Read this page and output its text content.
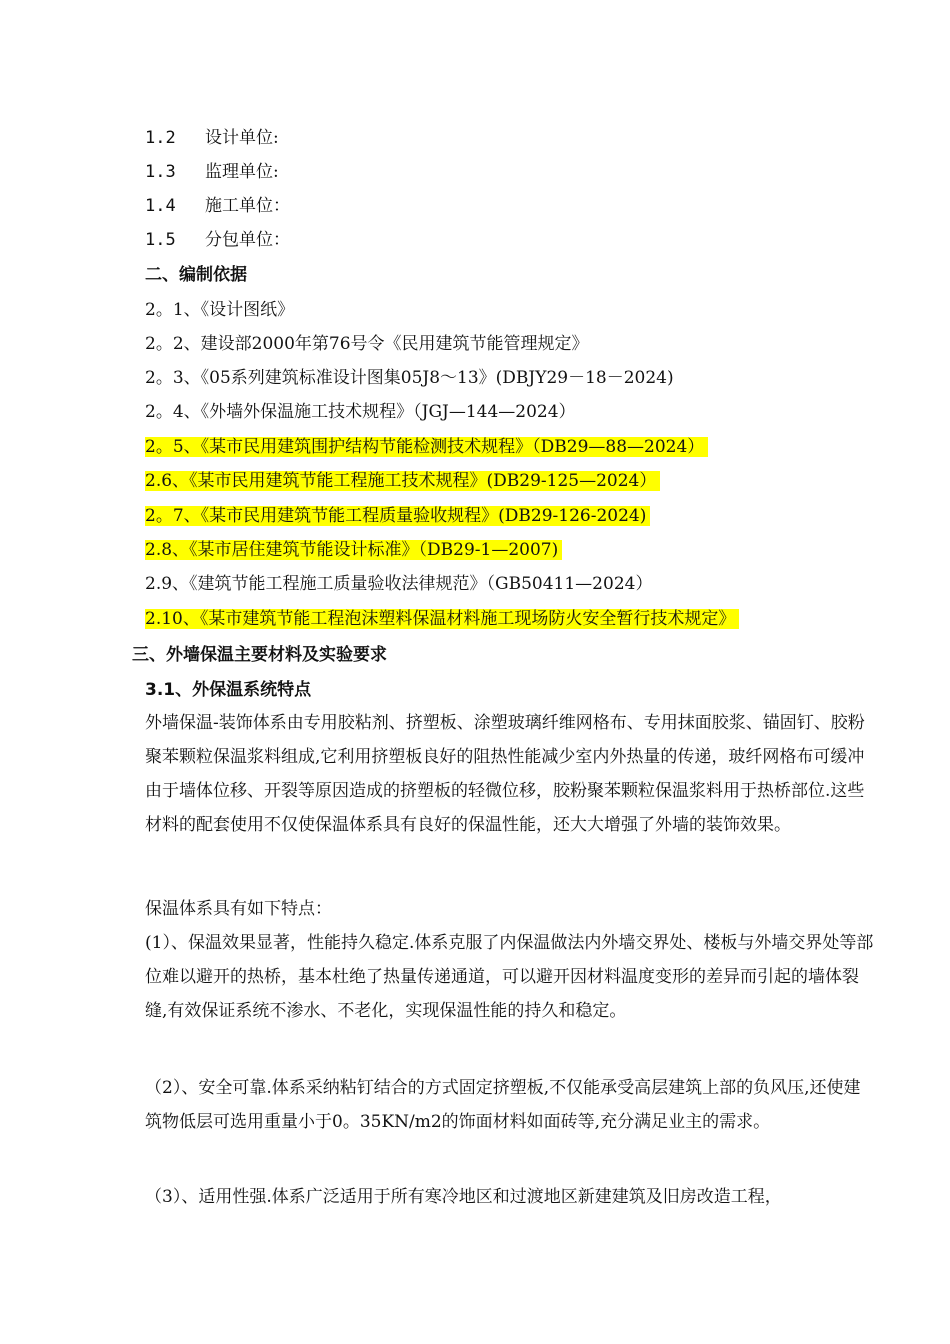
1.2 设计单位:
1.3 监理单位:
1.4 施工单位：
1.5 分包单位：
二、编制依据
2。1、《设计图纸》
2。2、建设部2000年第76号令《民用建筑节能管理规定》
2。3、《05系列建筑标准设计图集05J8～13》(DBJY29－18－2024)
2。4、《外墙外保温施工技术规程》（JGJ—144—2024）
2。5、《某市民用建筑围护结构节能检测技术规程》（DB29—88—2024）
2.6、《某市民用建筑节能工程施工技术规程》(DB29-125—2024）
2。7、《某市民用建筑节能工程质量验收规程》(DB29-126-2024)
2.8、《某市居住建筑节能设计标准》（DB29-1—2007)
2.9、《建筑节能工程施工质量验收法律规范》（GB50411—2024）
2.10、《某市建筑节能工程泡沫塑料保温材料施工现场防火安全暂行技术规定》
三、外墙保温主要材料及实验要求
3.1、外保温系统特点
外墙保温-装饰体系由专用胶粘剂、挤塑板、涂塑玻璃纤维网格布、专用抹面胶浆、锚固钉、胶粉聚苯颗粒保温浆料组成,它利用挤塑板良好的阻热性能减少室内外热量的传递，玻纤网格布可缓冲由于墙体位移、开裂等原因造成的挤塑板的轻微位移，胶粉聚苯颗粒保温浆料用于热桥部位.这些材料的配套使用不仅使保温体系具有良好的保温性能，还大大增强了外墙的装饰效果。
保温体系具有如下特点：
(1）、保温效果显著，性能持久稳定.体系克服了内保温做法内外墙交界处、楼板与外墙交界处等部位难以避开的热桥，基本杜绝了热量传递通道，可以避开因材料温度变形的差异而引起的墙体裂缝,有效保证系统不渗水、不老化，实现保温性能的持久和稳定。
（2）、安全可靠.体系采纳粘钉结合的方式固定挤塑板,不仅能承受高层建筑上部的负风压,还使建筑物低层可选用重量小于0。35KN/m2的饰面材料如面砖等,充分满足业主的需求。
（3）、适用性强.体系广泛适用于所有寒冷地区和过渡地区新建建筑及旧房改造工程，
